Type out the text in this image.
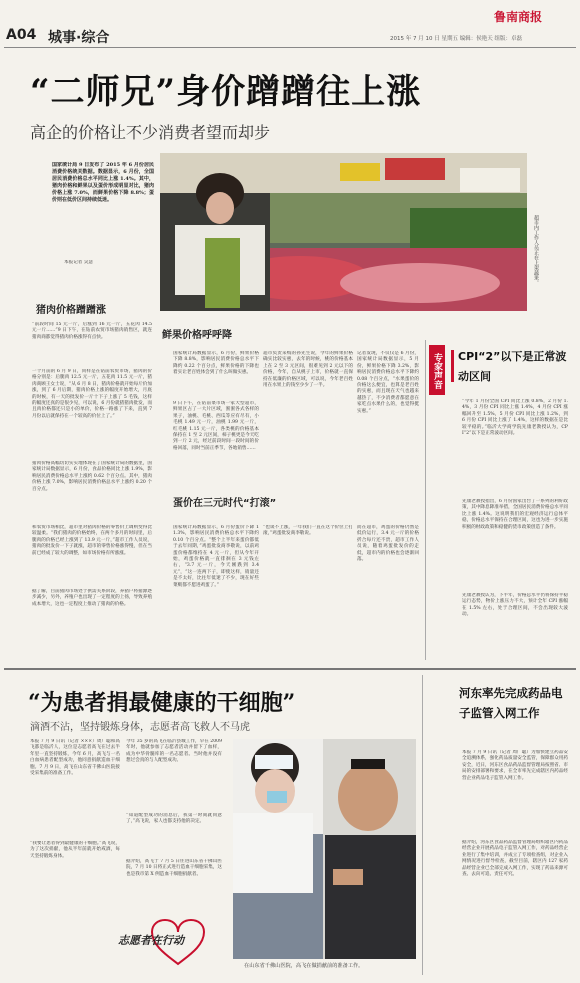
A04 城事·综合	2015 年 7 月 10 日 星期五 编辑：侯艳天 组版：卓磊
鲁南商报
“二师兄”身价蹭蹭往上涨
高企的价格让不少消费者望而却步
国家统计局 9 日发布了 2015 年 6 月份居民消费价格统关数据。数据显示，6 月份，全国居民消费价格总水平同比上涨 1.4%。其中，猪肉价格和鲜果以及蛋价形成明显对比，猪肉价格上涨 7.0%，而鲜果价格下降 8.8%；蛋价则在低价区间持续低迷。
本报记者 吴慧	超市内工作人员正在上架蔬果。
猪肉价格蹭蹭涨
“前段时间 15 元一斤，后涨到 16 元一斤，五花肉 14.5 元一斤……”9 日下午，在钻前农贸市场猪肉销售区，就连猪肉商都觉得猪肉价格涨得有点快。
一个月前的 6 月 9 日，同样是在钻前农贸市场，猪肉的价格分别是：后腿肉 12.5 元一斤，五花肉 11.5 元一斤，猪肉商顾王女士说，“从 6 月 8 日，猪肉价格就开始每斤价加涨，到了 6 月后期，猪肉价格上涨的幅度开始增大，月底的时候，有一天的批发价一斤十下子上涨了 5 毛钱，这样的幅度还真的是很少见，可以说，6 月份就猪猪肉批发，而且肉价格都还只是小的单价，价格一路涨了下来，直到 7 月份以后就保持在一个较高的价位上了。”
猪肉价格高幅切切实实地体现在了国家统计局的数据里，国家统计局数据显示，6 月份，食品价格同比上涨 1.9%，影响居民消费价格总水平上涨约 0.62 个百分点。其中，猪肉价格上涨 7.0%，影响居民消费价格总水平上涨约 0.20 个百分点。
和农贸市场相比，超市里对猪肉价格的零售价上调则变得比较温柔。“我们猪肉的价格始终，在两个多月的时间里，后腿肉的价格已经上涨到了 13.9 元一斤，”超市工作人员说，猪肉的批发价一下子就涨，超市的零售价格涨得慢，但在当前已经成了较大的调整，如市场价格有所涨涨。
据了解，目前猪肉市场处于供需关系阶段，养猪户将猪源逐步减少，另外，养殖户也出现了一定程度的上扬，导致养殖成本增大，这也一定程度上推动了猪肉的价格。
鲜果价格呼呼降
国家统计局数据显示，6 月份，鲜果价格下降 8.8%，影响居民消费价格总水平下降约 0.22 个百分点，鲜果价格的下降也着实让老百姓体会到了什么叫做实惠。
9 日下午，在钻前菜市场一家大型超市，鲜果区占了一大片区域，蜜蜜各式各样的果子，油桃、毛桃、西瓜等应有尽有，小毛桃 1.49 元一斤，油桃 1.99 元一斤，红毛桃 1.15 元一斤，各类桃的价格基本保持在 1 至 2 元区间，柿子桃更是今天吃到一斤 2 元，经过前段时间一段时间的价格回落，同时当前正季节，各地销售……
超市负责采购的孙先生说，今年的鲜果价格确实比较实惠，去年的时候，桃的价格基本上在 2 至 3 元区间，很难见到 2 元以下的价格，今年，自从桃子上市，价格就一直保持在低廉的价格区域，可以说，今年老百姓用在水果上的钱至少少了一半。
记者发现，不仅仅是 6 月份，国家统计局数据显示，5 月份，鲜果价格下降 3.2%，影响居民消费价格总水平下降约 0.08 个百分点，“水果蛋价的价格这么便宜，也算是老百姓的实惠，而且现在天气也越来越热了，不少消费者都愿意在家吃点水果什么的，也觉得挺实惠。”
蛋价在三元时代“打滚”
国家统计局数据显示，6 月份蛋价下降 11.3%，影响居民消费价格总水平下降约 0.10 个百分点。“整个上半年来蛋价都低于去年同期，”鸡蛋批发商李敬说，以前鸡蛋价格都维持在 4 元一斤，但从今年开始，鸡蛋价格就一直徘徊在 3 元钱左右，“3.7 元一斤，今天刚跌到 3.4 元”，“这一连两下子，即使这样，销量还是不太好，比往年低迷了不少，现在好些菜贩都不愿进鸡蛋了。”
“也谈不上涨，一年我们一直在这个价位上打滚，”鸡蛋批发商李敬说。
而在超市，鸡蛋的价格仍然是低价运行，3.4 元一斤的价格折合每斤还不贵，超市工作人员说，随着鸡蛋批发价的走低，超市内的价格也会逐渐回落。
专家声音 CPI“2”以下是正常波动区间
“今年 1 月份全国 CPI 同比上涨 0.8%，2 月份 1.4%，3 月份 CPI 同比上涨 1.4%，4 月份 CPI 涨幅回升至 1.5%，5 月份 CPI 同比上涨 1.2%，到 6 月份 CPI 同比上涨了 1.4%，这样的数据在是比较平稳的。”临沂大学商学院先康老教授认为，CPI“2”以下是正常波动区间。
先康老教授指出，6 月份国家出台了一系列的利好政策，其中降息降准举措，全国居民消费价格总水平同比上涨 1.4%。这说明我们的宏观经济运行总体平稳，价格总水平保持在合理区间，这也为进一步实施积极的财政政策和稳健的货币政策创造了条件。
先康老教授认为，下半年，价格总水平仍将保持平稳运行态势，物价上涨压力不大，预计全年 CPI 涨幅在 1.5% 左右，处于合理区间，不会出现较大波动。
“为患者捐最健康的干细胞”
滴酒不沾，坚持锻炼身体，志愿者高飞救人不马虎
本报 7 月 9 日讯（记者 ×××）周广聪和高飞都是临沂人，这位是志愿者高飞在过去半年里一直坚持锻炼，今年 6 月，高飞与一名白血病患者配型成功，他同意捐献造血干细胞。7 月 9 日，高飞在山东省千佛山医院接受采集前的准备工作。
“我要让患者得到最健康的干细胞。”高飞说，为了这次捐献，他从半年前就开始戒酒，每天坚持锻炼身体。
今年 35 岁的高飞在临沂县城工作，早在 2009 年时，他就参加了志愿者活动并留下了血样，成为中华骨髓库的一名志愿者。当时他并没有想过会真的与人配型成功。
“知道配型成功的消息后，我第一时间就同意了，”高飞说，家人也都支持他的决定。
据介绍，高飞于 7 月 5 日住进山东省千佛山医院，7 月 10 日将正式进行造血干细胞采集，这也是我市第 X 例造血干细胞捐献者。
志愿者在行动
在山东省千佛山医院，高飞在做捐献前的准备工作。
河东率先完成药品电子监管入网工作
本报 7 月 9 日讯（记者 周广聪）为加快建立药品安全追溯体系，强化药品质量安全监管，保障群众用药安全，近日，河东区食品药品监督管理局按照省、市局的安排部署和要求，在全市率先完成辖区内药品经营企业药品电子监管入网工作。
据介绍，河东区食品药品监督管理局组织辖区内药品经营企业开展药品电子监管入网工作，对药品经营企业进行了集中培训，并成立了专项检查组，对企业入网情况进行督导检查，截至目前，辖区内 127 家药品经营企业已全部完成入网工作，实现了药品来源可查、去向可追、责任可究。
